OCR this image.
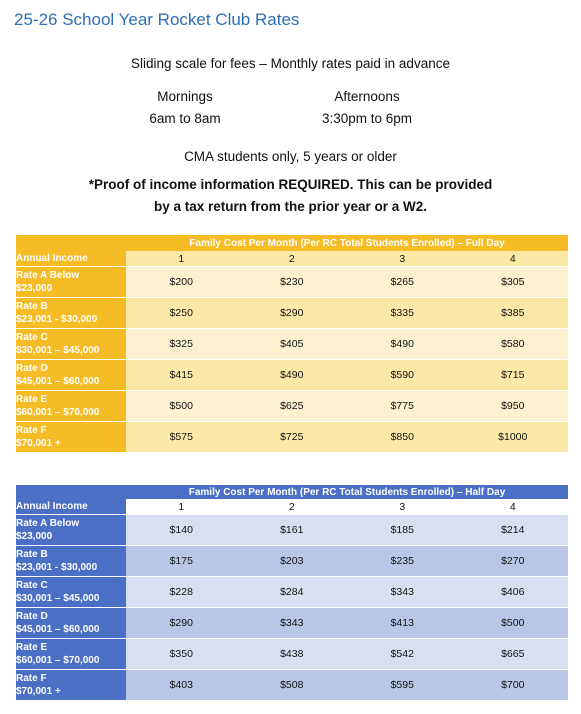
25-26 School Year Rocket Club Rates
Sliding scale for fees – Monthly rates paid in advance
Mornings
6am to 8am
Afternoons
3:30pm to 6pm
CMA students only, 5 years or older
*Proof of income information REQUIRED. This can be provided
by a tax return from the prior year or a W2.
	Family Cost Per Month (Per RC Total Students Enrolled) – Full Day			
Annual Income	1	2	3	4

Rate A Below
$23,000	$200	$230	$265	$305

Rate B
$23,001 - $30,000	$250	$290	$335	$385

Rate C
$30,001 – $45,000	$325	$405	$490	$580

Rate D
$45,001 – $60,000	$415	$490	$590	$715

Rate E
$60,001 – $70,000	$500	$625	$775	$950

Rate F
$70,001 +	$575	$725	$850	$1000
	Family Cost Per Month (Per RC Total Students Enrolled) – Half Day			
Annual Income	1	2	3	4

Rate A Below
$23,000	$140	$161	$185	$214

Rate B
$23,001 - $30,000	$175	$203	$235	$270

Rate C
$30,001 – $45,000	$228	$284	$343	$406

Rate D
$45,001 – $60,000	$290	$343	$413	$500

Rate E
$60,001 – $70,000	$350	$438	$542	$665

Rate F
$70,001 +	$403	$508	$595	$700
